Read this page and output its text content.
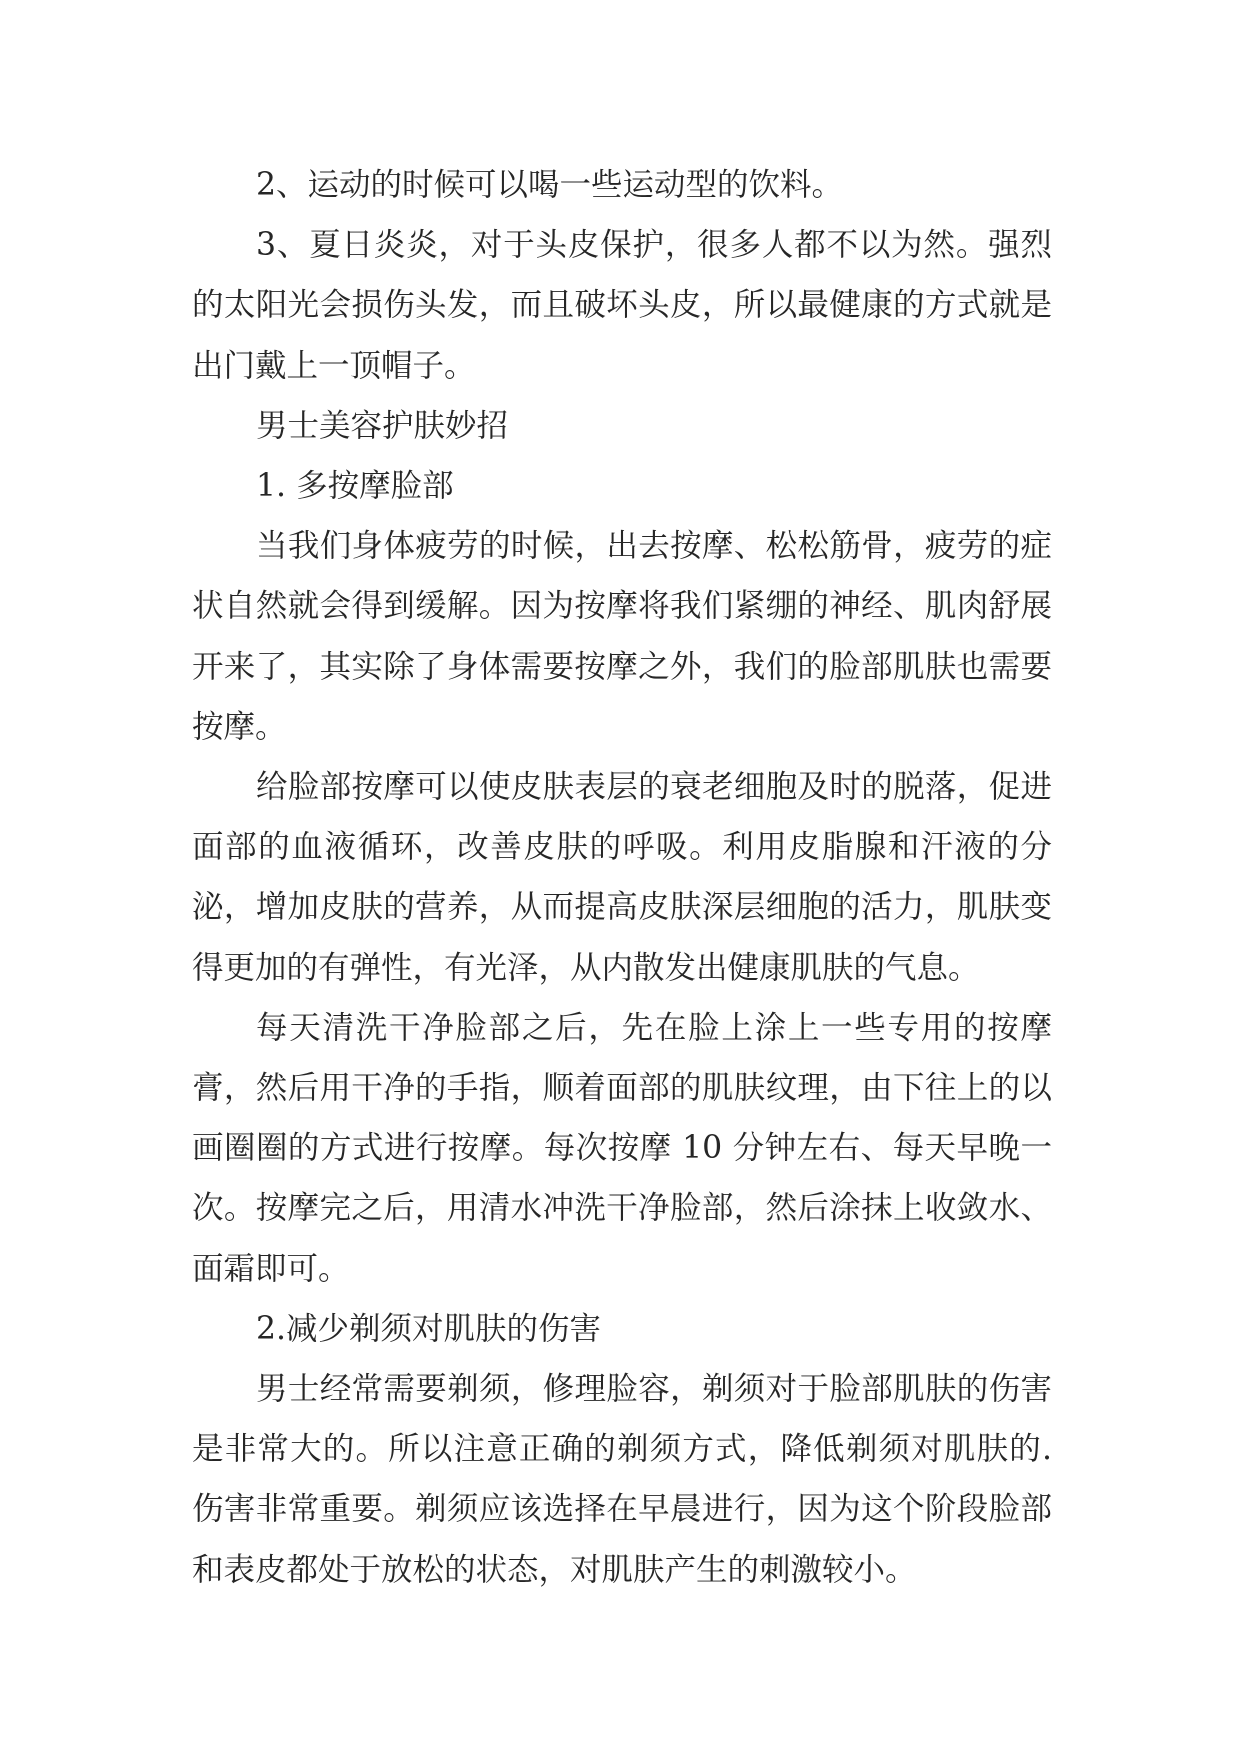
2、运动的时候可以喝一些运动型的饮料。

3、夏日炎炎，对于头皮保护，很多人都不以为然。强烈的太阳光会损伤头发，而且破坏头皮，所以最健康的方式就是出门戴上一顶帽子。

男士美容护肤妙招

1. 多按摩脸部

当我们身体疲劳的时候，出去按摩、松松筋骨，疲劳的症状自然就会得到缓解。因为按摩将我们紧绷的神经、肌肉舒展开来了，其实除了身体需要按摩之外，我们的脸部肌肤也需要按摩。

给脸部按摩可以使皮肤表层的衰老细胞及时的脱落，促进面部的血液循环，改善皮肤的呼吸。利用皮脂腺和汗液的分泌，增加皮肤的营养，从而提高皮肤深层细胞的活力，肌肤变得更加的有弹性，有光泽，从内散发出健康肌肤的气息。

每天清洗干净脸部之后，先在脸上涂上一些专用的按摩膏，然后用干净的手指，顺着面部的肌肤纹理，由下往上的以画圈圈的方式进行按摩。每次按摩 10 分钟左右、每天早晚一次。按摩完之后，用清水冲洗干净脸部，然后涂抹上收敛水、面霜即可。

2.减少剃须对肌肤的伤害

男士经常需要剃须，修理脸容，剃须对于脸部肌肤的伤害是非常大的。所以注意正确的剃须方式，降低剃须对肌肤的.伤害非常重要。剃须应该选择在早晨进行，因为这个阶段脸部和表皮都处于放松的状态，对肌肤产生的刺激较小。
